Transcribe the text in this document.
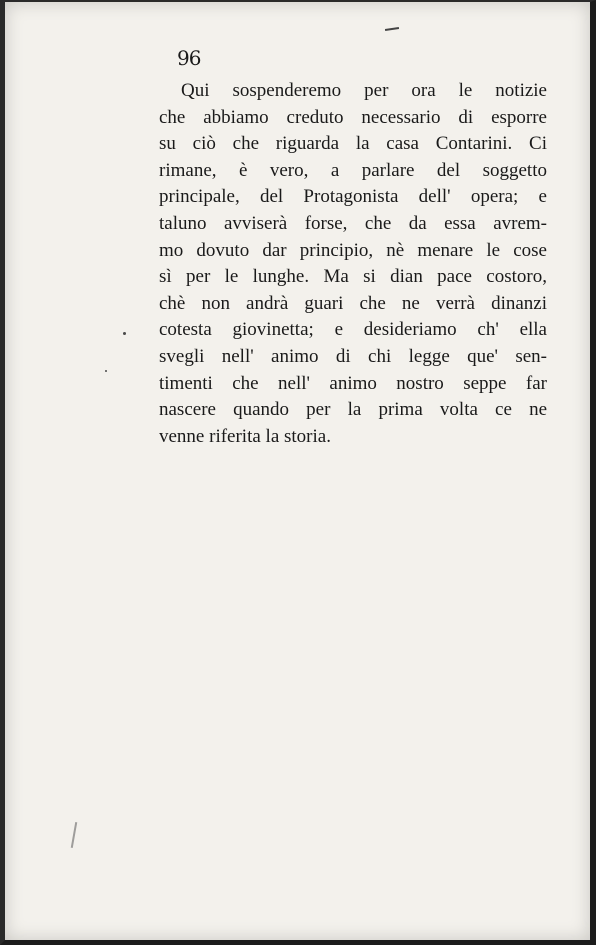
96
Qui sospenderemo per ora le notizie
che abbiamo creduto necessario di esporre
su ciò che riguarda la casa Contarini. Ci
rimane, è vero, a parlare del soggetto
principale, del Protagonista dell' opera; e
taluno avviserà forse, che da essa avrem-
mo dovuto dar principio, nè menare le cose
sì per le lunghe. Ma si dian pace costoro,
chè non andrà guari che ne verrà dinanzi
cotesta giovinetta; e desideriamo ch' ella
svegli nell' animo di chi legge que' sen-
timenti che nell' animo nostro seppe far
nascere quando per la prima volta ce ne
venne riferita la storia.
